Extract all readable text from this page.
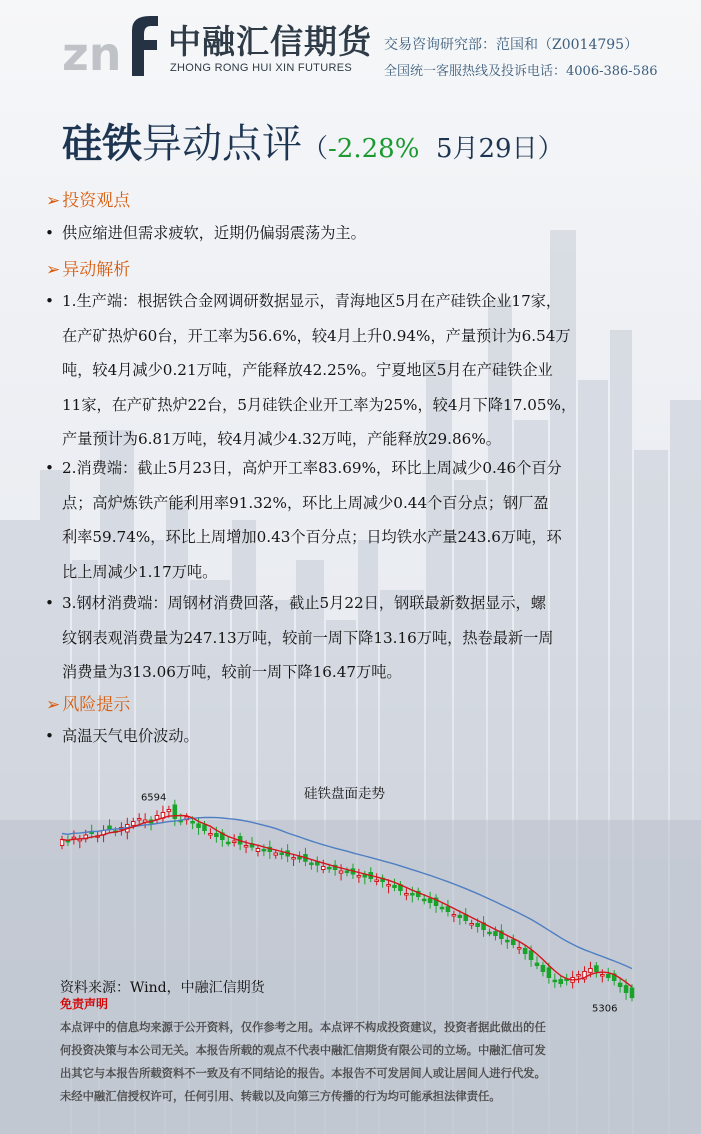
zn 中融汇信期货
ZHONG RONG HUI XIN FUTURES
交易咨询研究部：范国和（Z0014795）
全国统一客服热线及投诉电话：4006-386-586
硅铁异动点评（-2.28% 5月29日）
➢ 投资观点
• 供应缩进但需求疲软，近期仍偏弱震荡为主。
➢ 异动解析
• 1.生产端：根据铁合金网调研数据显示，青海地区5月在产硅铁企业17家，
在产矿热炉60台，开工率为56.6%，较4月上升0.94%，产量预计为6.54万
吨，较4月减少0.21万吨，产能释放42.25%。宁夏地区5月在产硅铁企业
11家，在产矿热炉22台，5月硅铁企业开工率为25%，较4月下降17.05%，
产量预计为6.81万吨，较4月减少4.32万吨，产能释放29.86%。
• 2.消费端：截止5月23日，高炉开工率83.69%，环比上周减少0.46个百分
点；高炉炼铁产能利用率91.32%，环比上周减少0.44个百分点；钢厂盈
利率59.74%，环比上周增加0.43个百分点；日均铁水产量243.6万吨，环
比上周减少1.17万吨。
• 3.钢材消费端：周钢材消费回落，截止5月22日，钢联最新数据显示，螺
纹钢表观消费量为247.13万吨，较前一周下降13.16万吨，热卷最新一周
消费量为313.06万吨，较前一周下降16.47万吨。
➢ 风险提示
• 高温天气电价波动。
硅铁盘面走势
6594
5306
资料来源：Wind，中融汇信期货
免责声明
本点评中的信息均来源于公开资料，仅作参考之用。本点评不构成投资建议，投资者据此做出的任
何投资决策与本公司无关。本报告所载的观点不代表中融汇信期货有限公司的立场。中融汇信可发
出其它与本报告所载资料不一致及有不同结论的报告。本报告不可发居间人或让居间人进行代发。
未经中融汇信授权许可，任何引用、转载以及向第三方传播的行为均可能承担法律责任。
